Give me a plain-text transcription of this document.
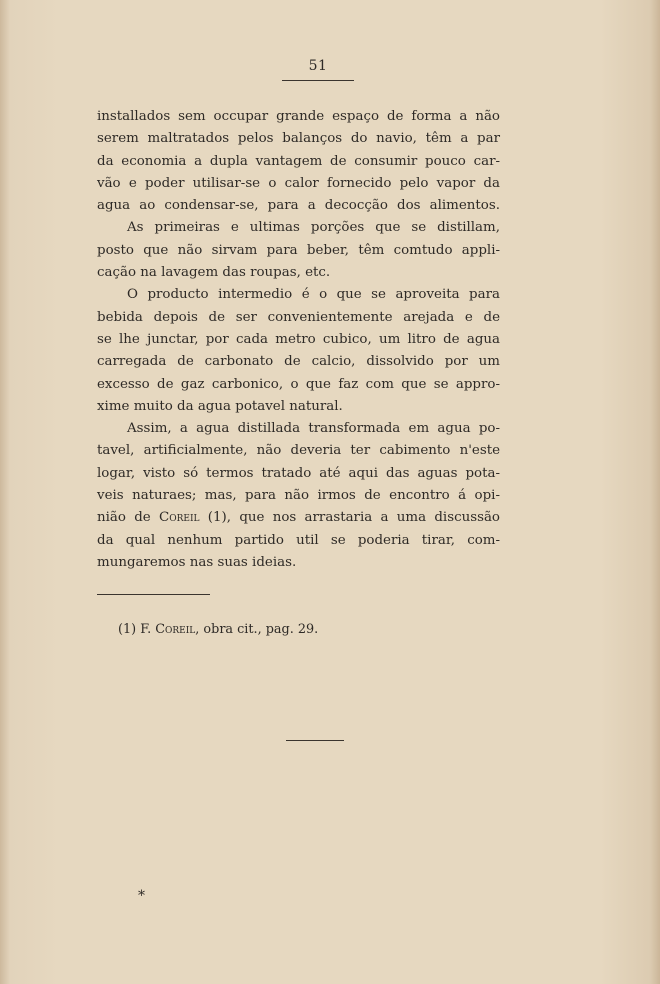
51
installados sem occupar grande espaço de forma a não
serem maltratados pelos balanços do navio, têm a par
da economia a dupla vantagem de consumir pouco car-
vão e poder utilisar-se o calor fornecido pelo vapor da
agua ao condensar-se, para a decocção dos alimentos.
As primeiras e ultimas porções que se distillam,
posto que não sirvam para beber, têm comtudo appli-
cação na lavagem das roupas, etc.
O producto intermedio é o que se aproveita para
bebida depois de ser convenientemente arejada e de
se lhe junctar, por cada metro cubico, um litro de agua
carregada de carbonato de calcio, dissolvido por um
excesso de gaz carbonico, o que faz com que se appro-
xime muito da agua potavel natural.
Assim, a agua distillada transformada em agua po-
tavel, artificialmente, não deveria ter cabimento n'este
logar, visto só termos tratado até aqui das aguas pota-
veis naturaes; mas, para não irmos de encontro á opi-
nião de Coreil (1), que nos arrastaria a uma discussão
da qual nenhum partido util se poderia tirar, com-
mungaremos nas suas ideias.
(1) F. Coreil, obra cit., pag. 29.
*
